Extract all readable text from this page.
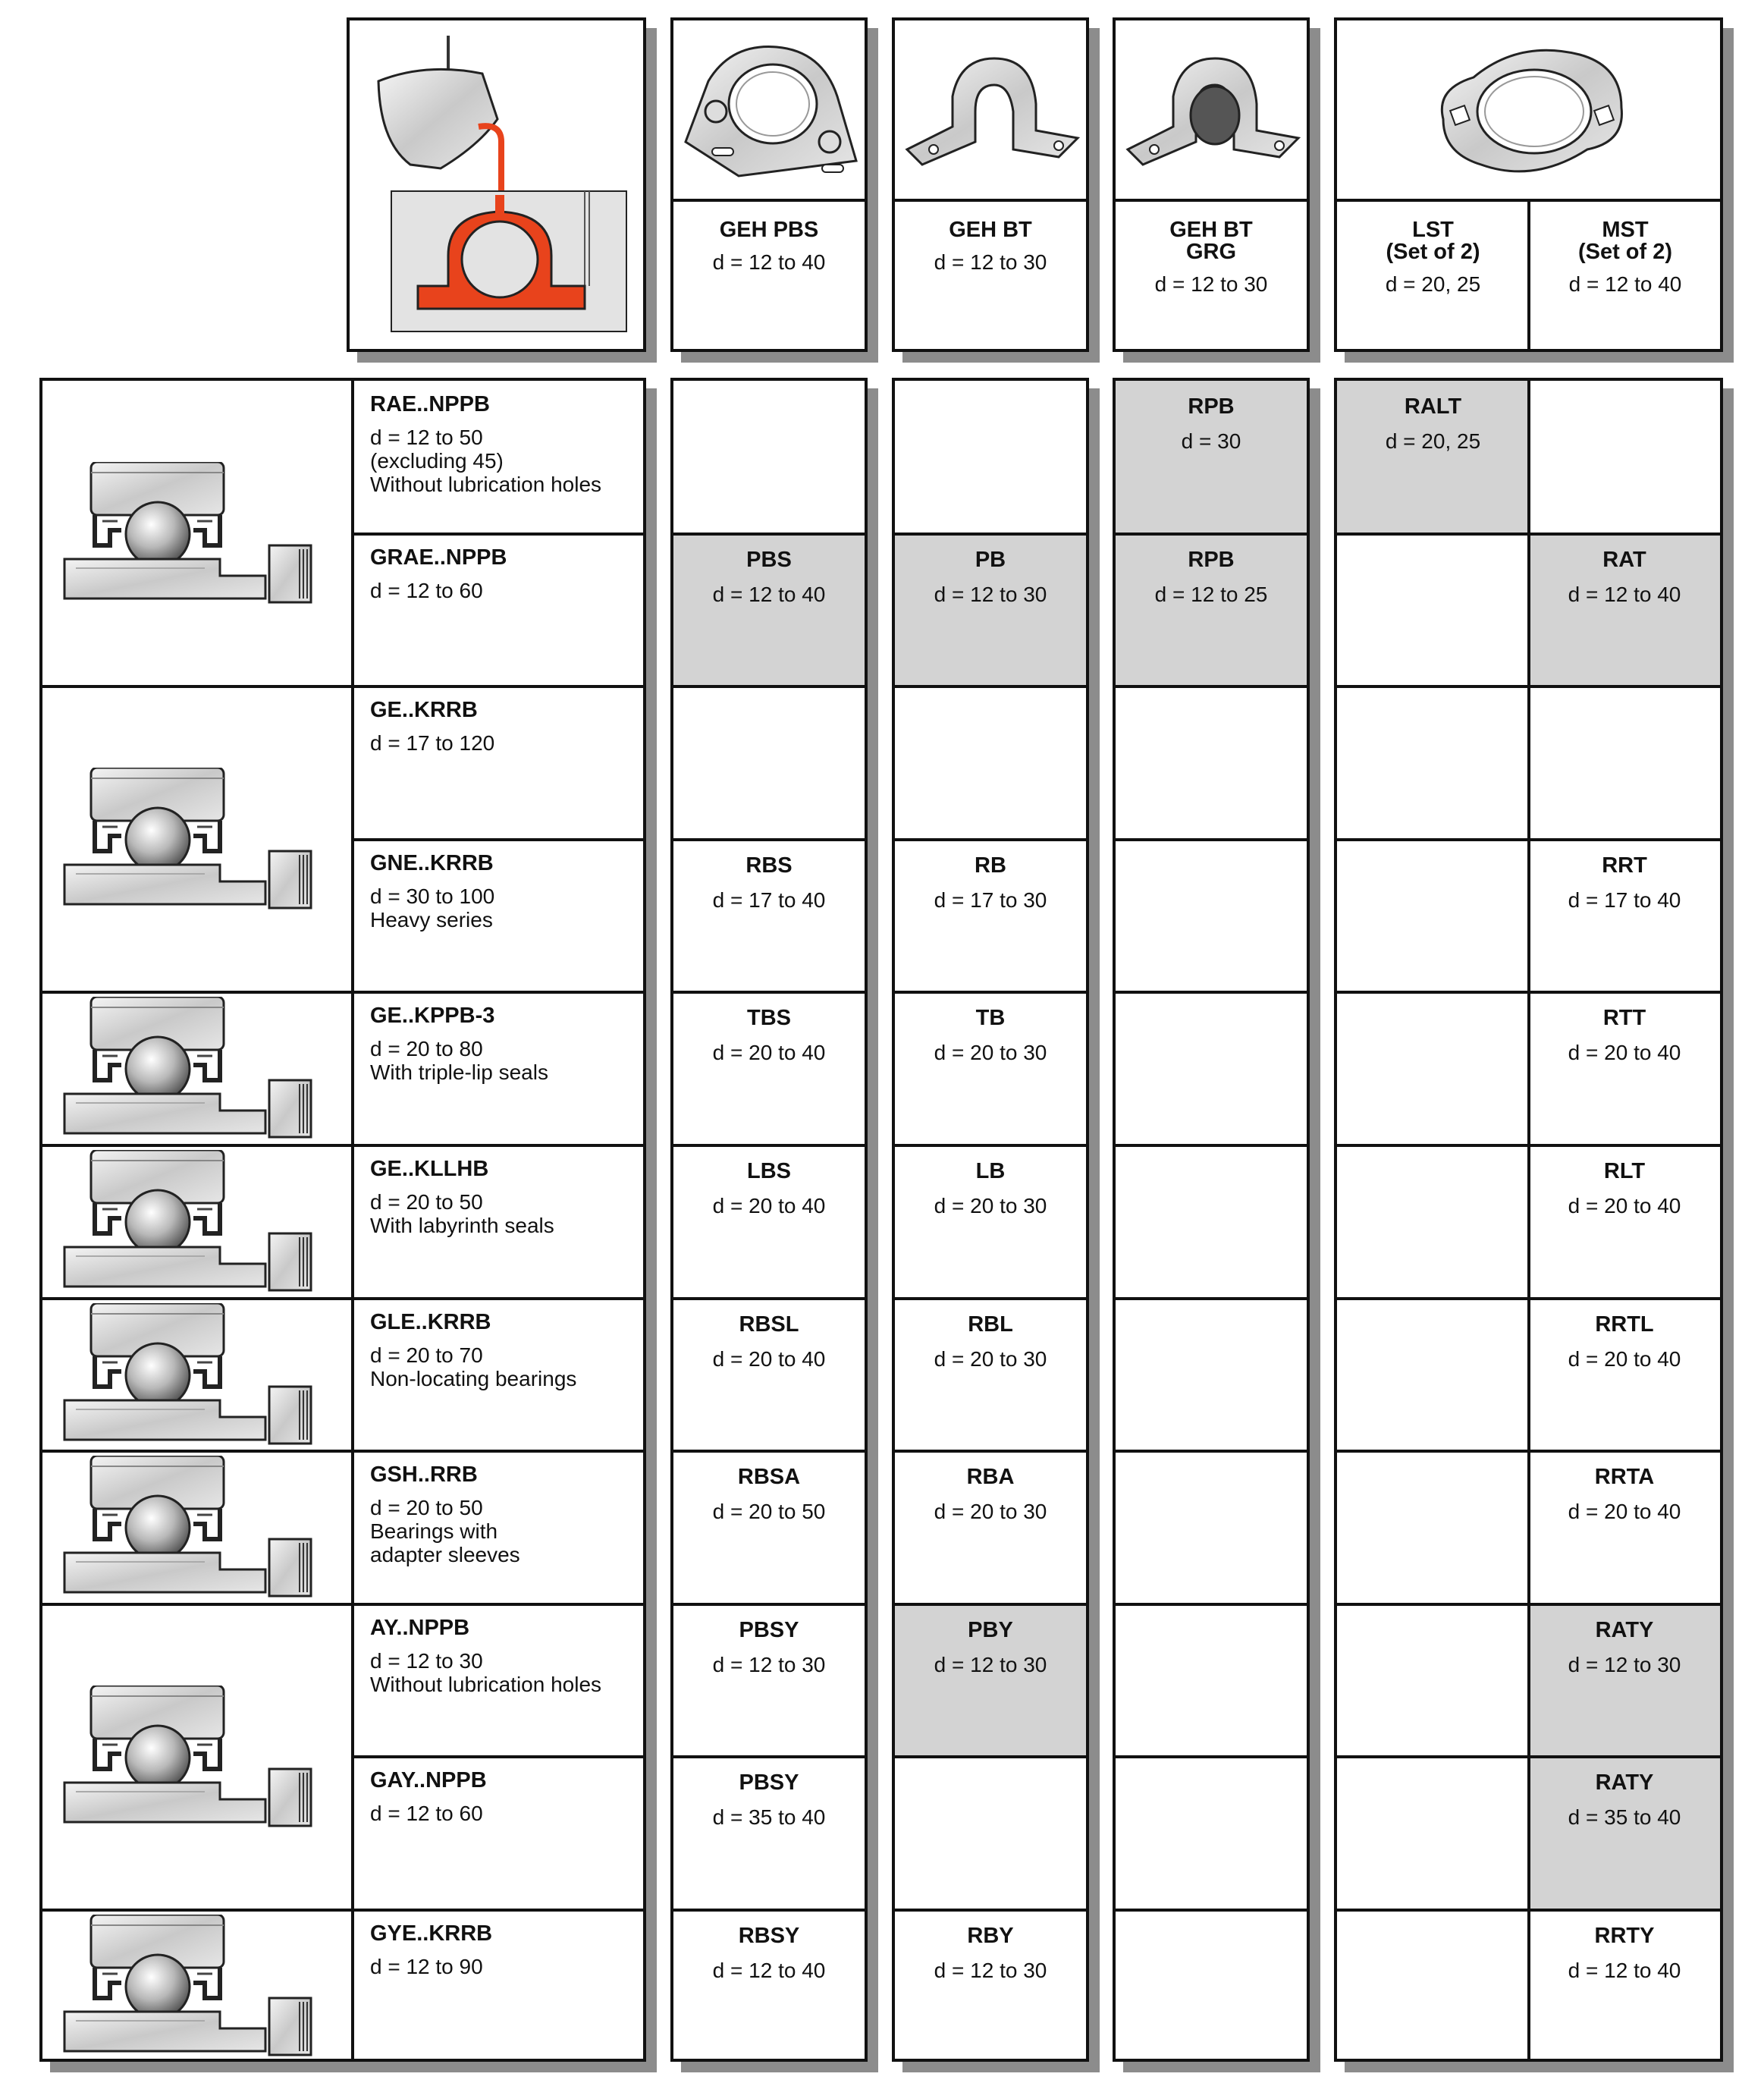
GEH PBS
d = 12 to 40
GEH BT
d = 12 to 30
GEH BT
GRG
d = 12 to 30
LST
(Set of 2)
d = 20, 25
MST
(Set of 2)
d = 12 to 40
RAE..NPPB
d = 12 to 50
(excluding 45)
Without lubrication holes
GRAE..NPPB
d = 12 to 60
GE..KRRB
d = 17 to 120
GNE..KRRB
d = 30 to 100
Heavy series
GE..KPPB-3
d = 20 to 80
With triple-lip seals
GE..KLLHB
d = 20 to 50
With labyrinth seals
GLE..KRRB
d = 20 to 70
Non-locating bearings
GSH..RRB
d = 20 to 50
Bearings with
adapter sleeves
AY..NPPB
d = 12 to 30
Without lubrication holes
GAY..NPPB
d = 12 to 60
GYE..KRRB
d = 12 to 90
PBS
d = 12 to 40
RBS
d = 17 to 40
TBS
d = 20 to 40
LBS
d = 20 to 40
RBSL
d = 20 to 40
RBSA
d = 20 to 50
PBSY
d = 12 to 30
PBSY
d = 35 to 40
RBSY
d = 12 to 40
PB
d = 12 to 30
RB
d = 17 to 30
TB
d = 20 to 30
LB
d = 20 to 30
RBL
d = 20 to 30
RBA
d = 20 to 30
PBY
d = 12 to 30
RBY
d = 12 to 30
RPB
d = 30
RPB
d = 12 to 25
RALT
d = 20, 25
RAT
d = 12 to 40
RRT
d = 17 to 40
RTT
d = 20 to 40
RLT
d = 20 to 40
RRTL
d = 20 to 40
RRTA
d = 20 to 40
RATY
d = 12 to 30
RATY
d = 35 to 40
RRTY
d = 12 to 40
